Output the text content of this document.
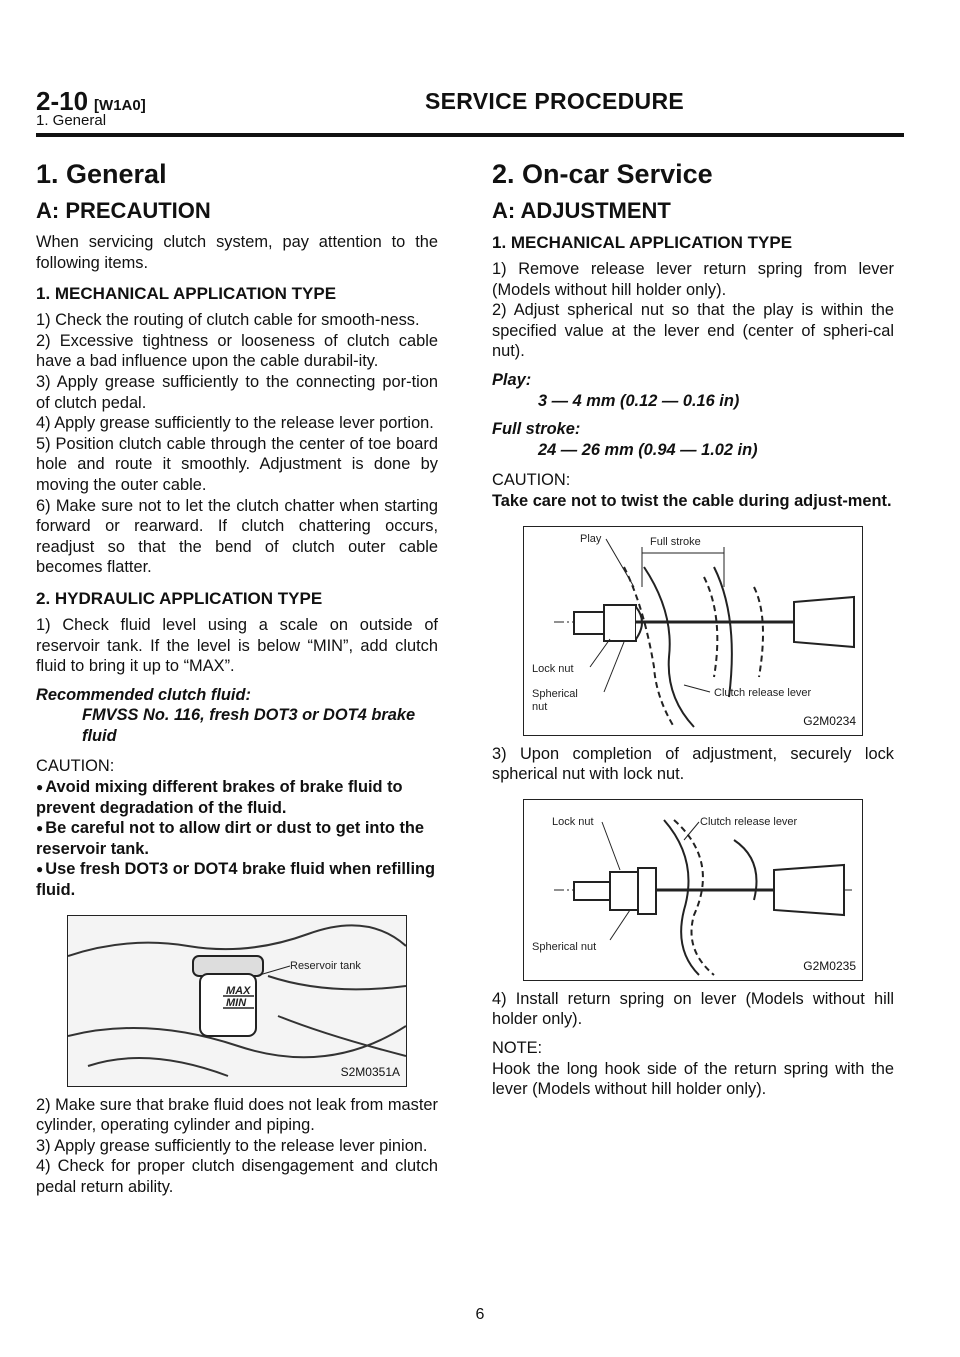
2-10 [W1A0]	SERVICE PROCEDURE
1. General
1. General
A: PRECAUTION

When servicing clutch system, pay attention to the following items.

1. MECHANICAL APPLICATION TYPE

1) Check the routing of clutch cable for smooth-ness.

2) Excessive tightness or looseness of clutch cable have a bad influence upon the cable durabil-ity.

3) Apply grease sufficiently to the connecting por-tion of clutch pedal.

4) Apply grease sufficiently to the release lever portion.

5) Position clutch cable through the center of toe board hole and route it smoothly. Adjustment is done by moving the outer cable.

6) Make sure not to let the clutch chatter when starting forward or rearward. If clutch chattering occurs, readjust so that the bend of clutch outer cable becomes flatter.

2. HYDRAULIC APPLICATION TYPE

1) Check fluid level using a scale on outside of reservoir tank. If the level is below “MIN”, add clutch fluid to bring it up to “MAX”.

Recommended clutch fluid:
FMVSS No. 116, fresh DOT3 or DOT4 brake fluid
CAUTION:
● Avoid mixing different brakes of brake fluid to prevent degradation of the fluid.
● Be careful not to allow dirt or dust to get into the reservoir tank.
● Use fresh DOT3 or DOT4 brake fluid when refilling fluid.
Reservoir tank
MAX
MIN
S2M0351A

2) Make sure that brake fluid does not leak from master cylinder, operating cylinder and piping.

3) Apply grease sufficiently to the release lever pinion.

4) Check for proper clutch disengagement and clutch pedal return ability.

2. On-car Service
A: ADJUSTMENT
1. MECHANICAL APPLICATION TYPE

1) Remove release lever return spring from lever (Models without hill holder only).

2) Adjust spherical nut so that the play is within the specified value at the lever end (center of spheri-cal nut).

Play:
3 — 4 mm (0.12 — 0.16 in)
Full stroke:
24 — 26 mm (0.94 — 1.02 in)
CAUTION:
Take care not to twist the cable during adjust-ment.
Play	Full stroke
Lock nut
Spherical
nut
Clutch release lever
G2M0234

3) Upon completion of adjustment, securely lock spherical nut with lock nut.

Lock nut	Clutch release lever
Spherical nut
G2M0235

4) Install return spring on lever (Models without hill holder only).

NOTE:

Hook the long hook side of the return spring with the lever (Models without hill holder only).

6
